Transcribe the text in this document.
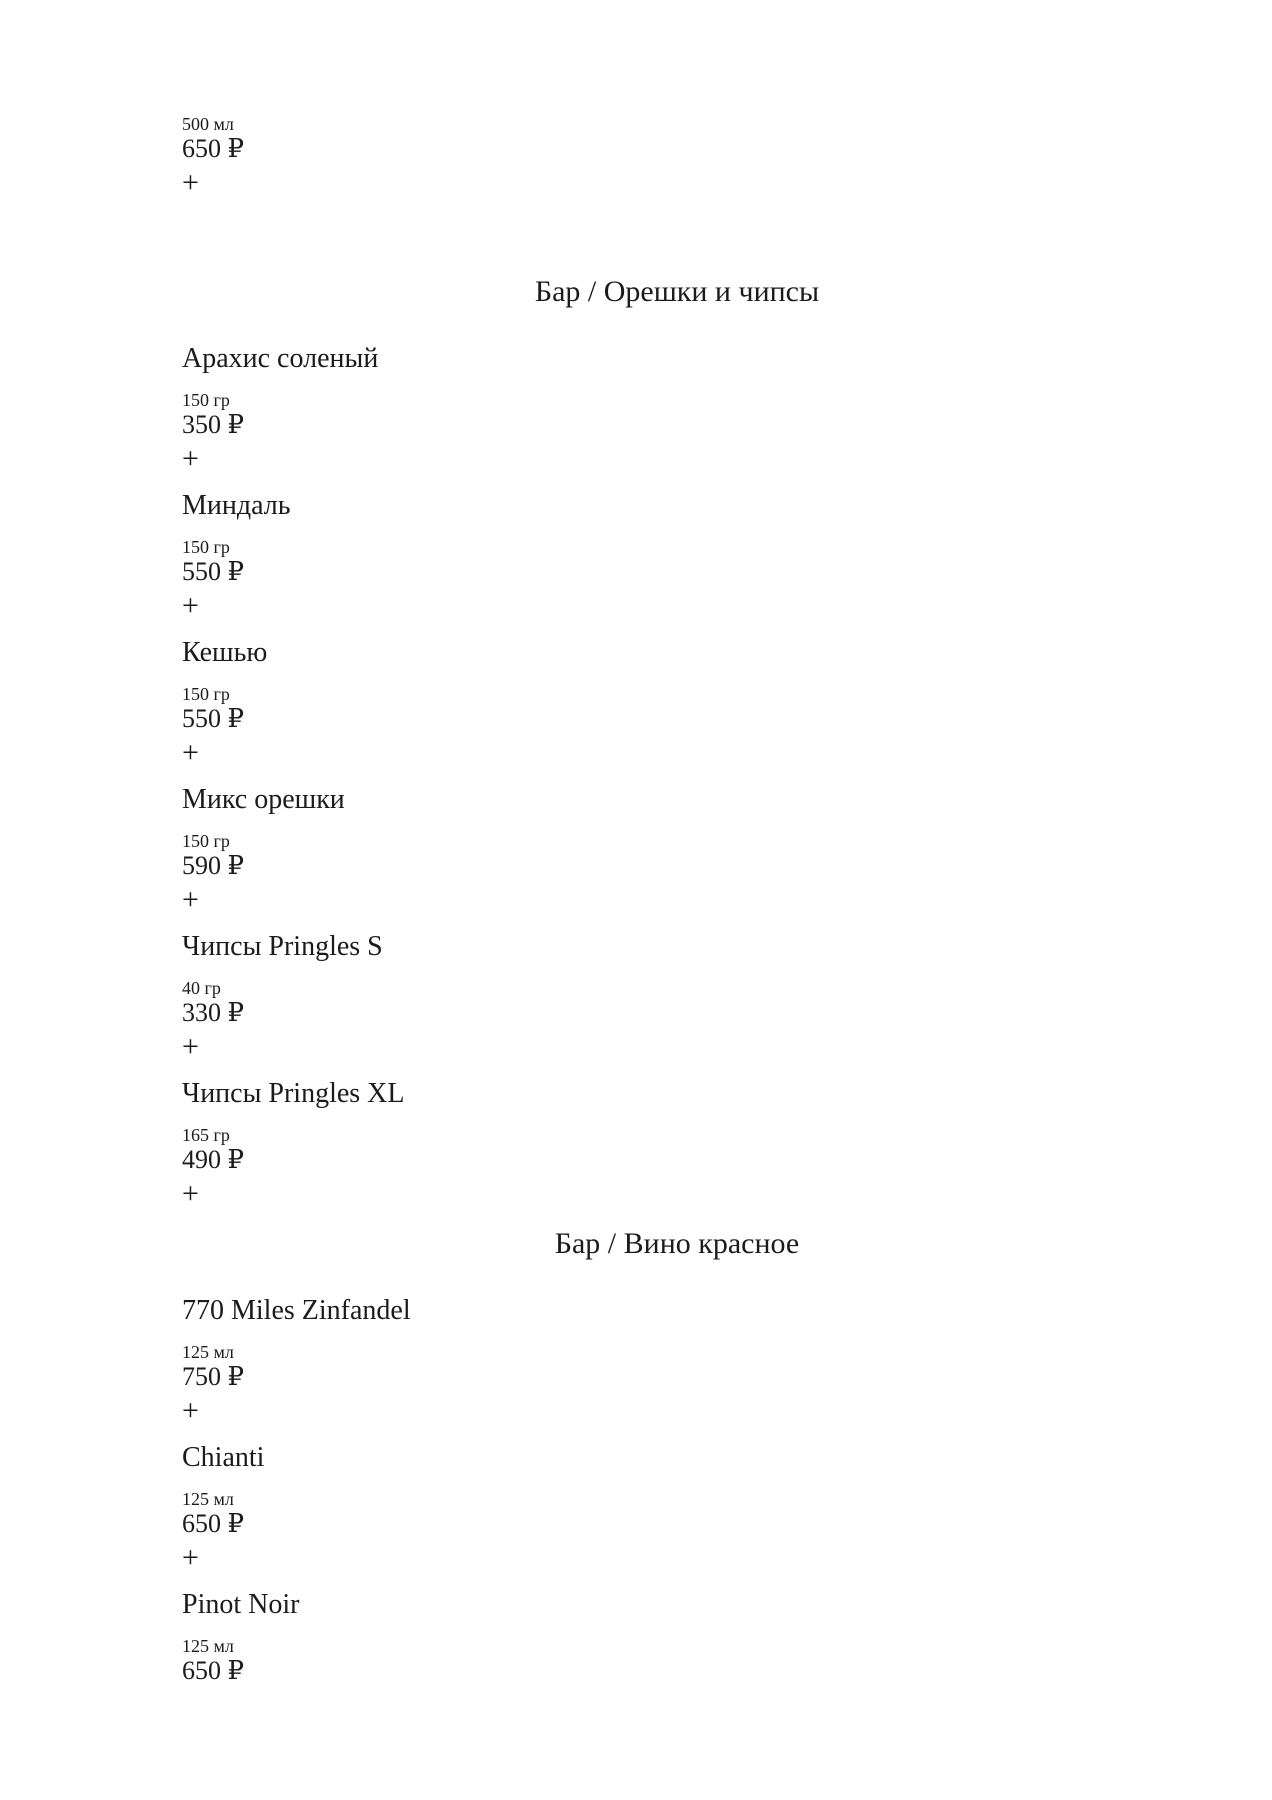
500 мл
650 ₽
+
Бар / Орешки и чипсы
Арахис соленый
150 гр
350 ₽
+
Миндаль
150 гр
550 ₽
+
Кешью
150 гр
550 ₽
+
Микс орешки
150 гр
590 ₽
+
Чипсы Pringles S
40 гр
330 ₽
+
Чипсы Pringles XL
165 гр
490 ₽
+
Бар / Вино красное
770 Miles Zinfandel
125 мл
750 ₽
+
Chianti
125 мл
650 ₽
+
Pinot Noir
125 мл
650 ₽
